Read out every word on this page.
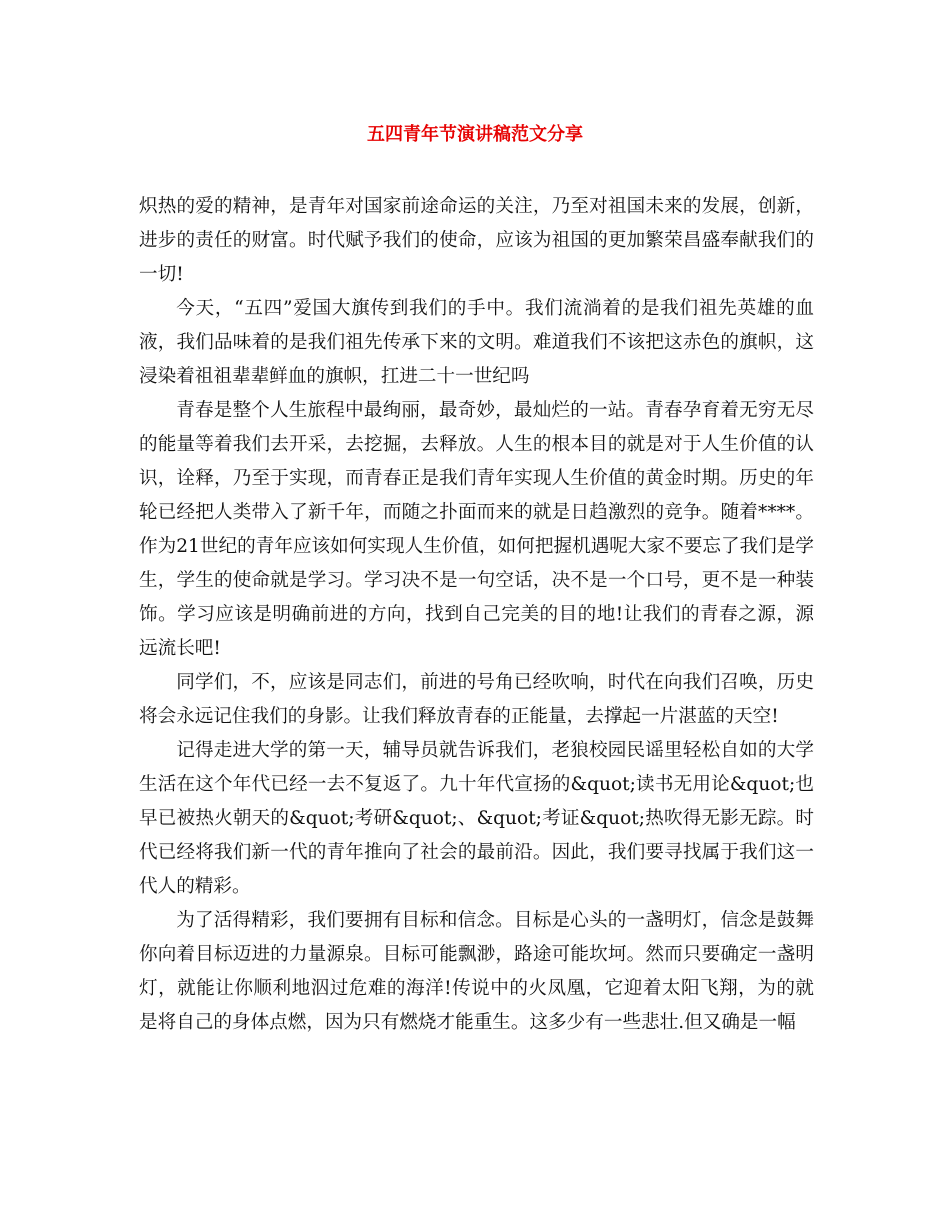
五四青年节演讲稿范文分享

炽热的爱的精神，是青年对国家前途命运的关注，乃至对祖国未来的发展，创新，进步的责任的财富。时代赋予我们的使命，应该为祖国的更加繁荣昌盛奉献我们的一切!

今天，“五四”爱国大旗传到我们的手中。我们流淌着的是我们祖先英雄的血液，我们品味着的是我们祖先传承下来的文明。难道我们不该把这赤色的旗帜，这浸染着祖祖辈辈鲜血的旗帜，扛进二十一世纪吗

青春是整个人生旅程中最绚丽，最奇妙，最灿烂的一站。青春孕育着无穷无尽的能量等着我们去开采，去挖掘，去释放。人生的根本目的就是对于人生价值的认识，诠释，乃至于实现，而青春正是我们青年实现人生价值的黄金时期。历史的年轮已经把人类带入了新千年，而随之扑面而来的就是日趋激烈的竞争。随着****。作为21世纪的青年应该如何实现人生价值，如何把握机遇呢大家不要忘了我们是学生，学生的使命就是学习。学习决不是一句空话，决不是一个口号，更不是一种装饰。学习应该是明确前进的方向，找到自己完美的目的地!让我们的青春之源，源远流长吧!

同学们，不，应该是同志们，前进的号角已经吹响，时代在向我们召唤，历史将会永远记住我们的身影。让我们释放青春的正能量，去撑起一片湛蓝的天空!

记得走进大学的第一天，辅导员就告诉我们，老狼校园民谣里轻松自如的大学生活在这个年代已经一去不复返了。九十年代宣扬的&quot;读书无用论&quot;也早已被热火朝天的&quot;考研&quot;、&quot;考证&quot;热吹得无影无踪。时代已经将我们新一代的青年推向了社会的最前沿。因此，我们要寻找属于我们这一代人的精彩。

为了活得精彩，我们要拥有目标和信念。目标是心头的一盏明灯，信念是鼓舞你向着目标迈进的力量源泉。目标可能飘渺，路途可能坎坷。然而只要确定一盏明灯，就能让你顺利地泅过危难的海洋!传说中的火凤凰，它迎着太阳飞翔，为的就是将自己的身体点燃，因为只有燃烧才能重生。这多少有一些悲壮.但又确是一幅
